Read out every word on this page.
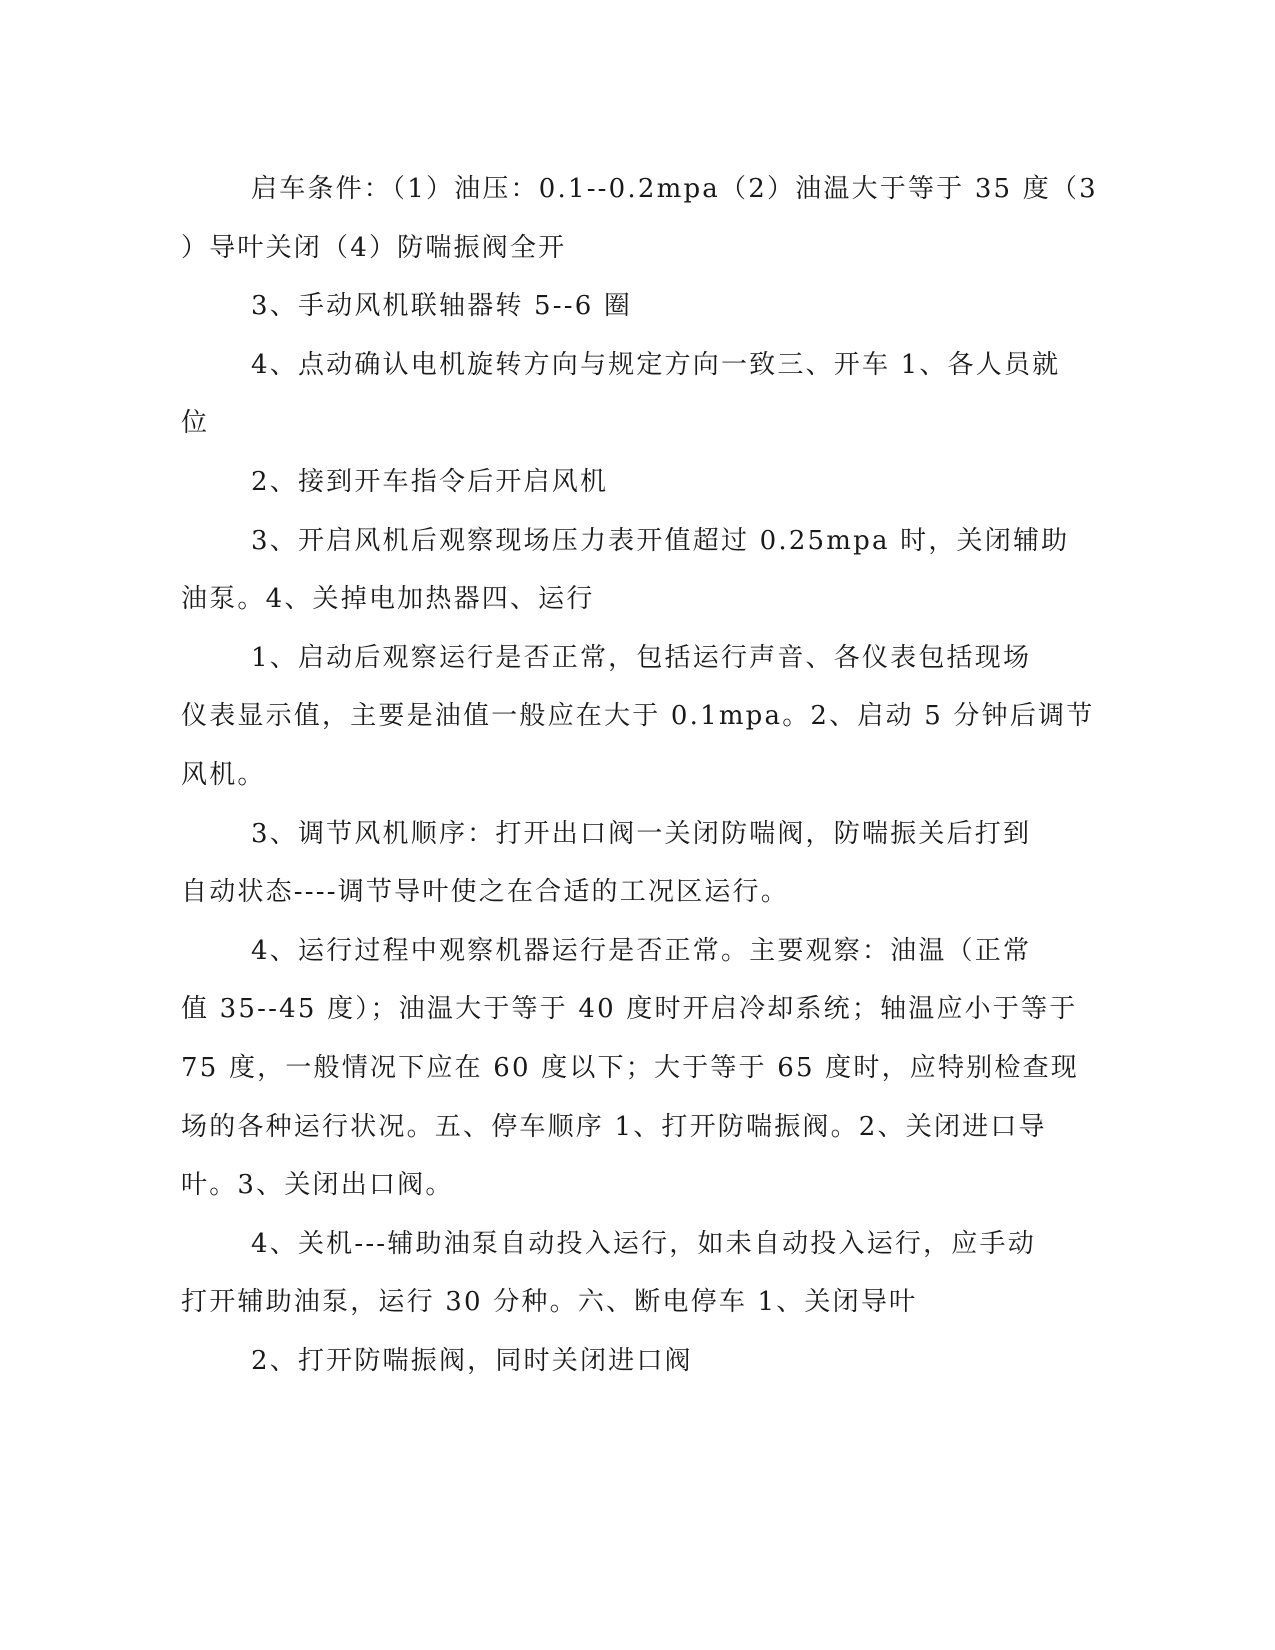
启车条件：（1）油压：0.1--0.2mpa（2）油温大于等于 35 度（3
）导叶关闭（4）防喘振阀全开
3、手动风机联轴器转 5--6 圈
4、点动确认电机旋转方向与规定方向一致三、开车 1、各人员就
位
2、接到开车指令后开启风机
3、开启风机后观察现场压力表开值超过 0.25mpa 时，关闭辅助
油泵。4、关掉电加热器四、运行
1、启动后观察运行是否正常，包括运行声音、各仪表包括现场
仪表显示值，主要是油值一般应在大于 0.1mpa。2、启动 5 分钟后调节
风机。
3、调节风机顺序：打开出口阀一关闭防喘阀，防喘振关后打到
自动状态----调节导叶使之在合适的工况区运行。
4、运行过程中观察机器运行是否正常。主要观察：油温（正常
值 35--45 度）；油温大于等于 40 度时开启冷却系统；轴温应小于等于
75 度，一般情况下应在 60 度以下；大于等于 65 度时，应特别检查现
场的各种运行状况。五、停车顺序 1、打开防喘振阀。2、关闭进口导
叶。3、关闭出口阀。
4、关机---辅助油泵自动投入运行，如未自动投入运行，应手动
打开辅助油泵，运行 30 分种。六、断电停车 1、关闭导叶
2、打开防喘振阀，同时关闭进口阀
